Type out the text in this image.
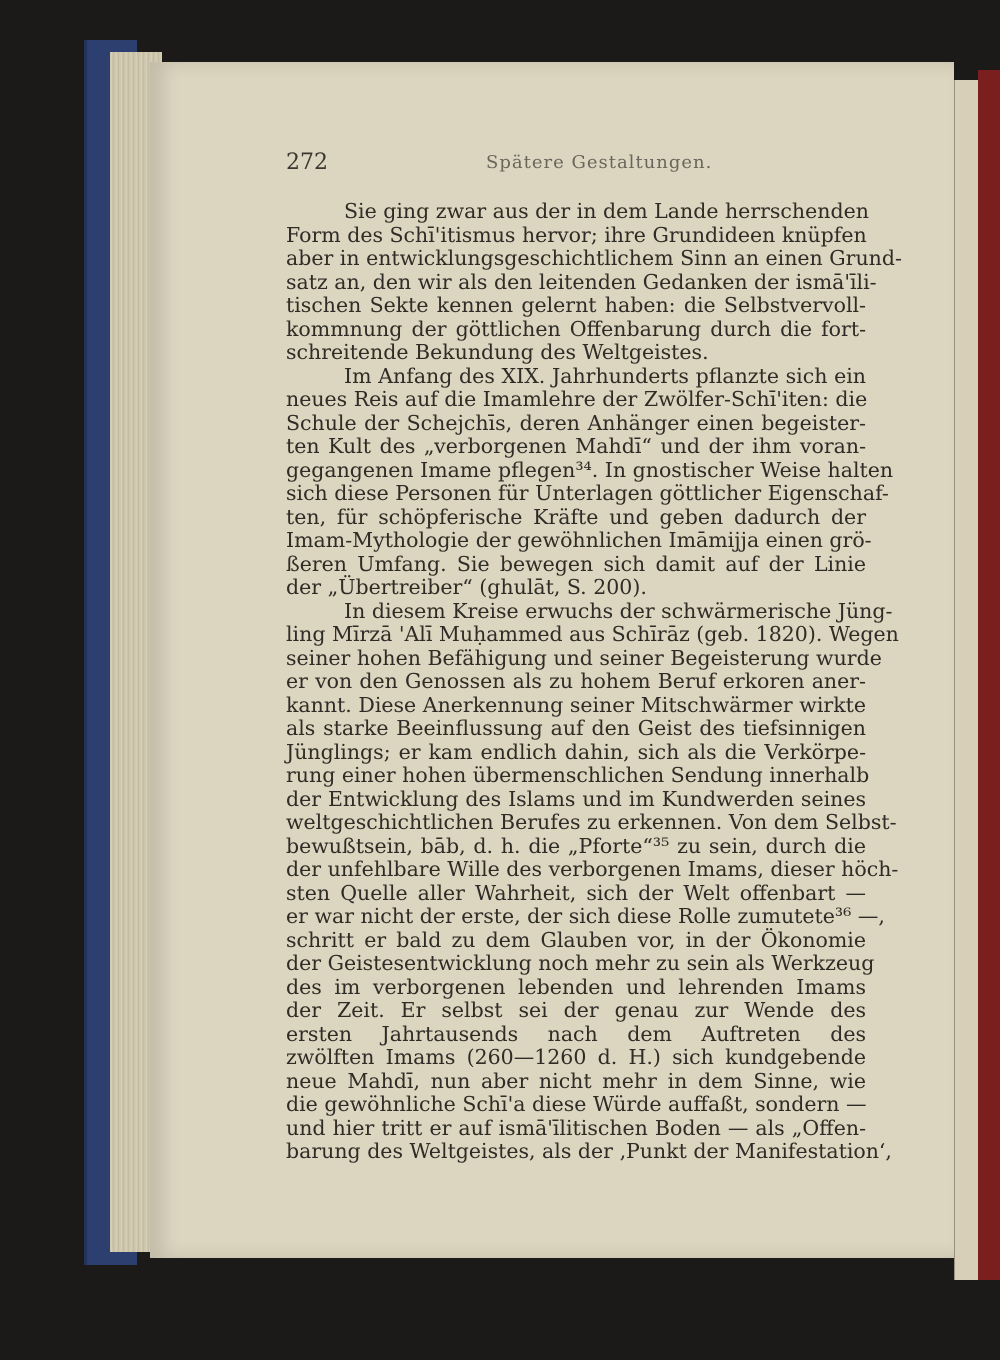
272	Spätere Gestaltungen.
Sie ging zwar aus der in dem Lande herrschenden
Form des Schī'itismus hervor; ihre Grundideen knüpfen
aber in entwicklungsgeschichtlichem Sinn an einen Grund-
satz an, den wir als den leitenden Gedanken der ismā'īli-
tischen Sekte kennen gelernt haben: die Selbstvervoll-
kommnung der göttlichen Offenbarung durch die fort-
schreitende Bekundung des Weltgeistes.
Im Anfang des XIX. Jahrhunderts pflanzte sich ein
neues Reis auf die Imamlehre der Zwölfer-Schī'iten: die
Schule der Schejchīs, deren Anhänger einen begeister-
ten Kult des „verborgenen Mahdī“ und der ihm voran-
gegangenen Imame pflegen³⁴. In gnostischer Weise halten
sich diese Personen für Unterlagen göttlicher Eigenschaf-
ten, für schöpferische Kräfte und geben dadurch der
Imam-Mythologie der gewöhnlichen Imāmijja einen grö-
ßeren Umfang. Sie bewegen sich damit auf der Linie
der „Übertreiber“ (ghulāt, S. 200).
In diesem Kreise erwuchs der schwärmerische Jüng-
ling Mīrzā 'Alī Muḥammed aus Schīrāz (geb. 1820). Wegen
seiner hohen Befähigung und seiner Begeisterung wurde
er von den Genossen als zu hohem Beruf erkoren aner-
kannt. Diese Anerkennung seiner Mitschwärmer wirkte
als starke Beeinflussung auf den Geist des tiefsinnigen
Jünglings; er kam endlich dahin, sich als die Verkörpe-
rung einer hohen übermenschlichen Sendung innerhalb
der Entwicklung des Islams und im Kundwerden seines
weltgeschichtlichen Berufes zu erkennen. Von dem Selbst-
bewußtsein, bāb, d. h. die „Pforte“³⁵ zu sein, durch die
der unfehlbare Wille des verborgenen Imams, dieser höch-
sten Quelle aller Wahrheit, sich der Welt offenbart —
er war nicht der erste, der sich diese Rolle zumutete³⁶ —,
schritt er bald zu dem Glauben vor, in der Ökonomie
der Geistesentwicklung noch mehr zu sein als Werkzeug
des im verborgenen lebenden und lehrenden Imams
der Zeit. Er selbst sei der genau zur Wende des
ersten Jahrtausends nach dem Auftreten des
zwölften Imams (260—1260 d. H.) sich kundgebende
neue Mahdī, nun aber nicht mehr in dem Sinne, wie
die gewöhnliche Schī'a diese Würde auffaßt, sondern —
und hier tritt er auf ismā'īlitischen Boden — als „Offen-
barung des Weltgeistes, als der ‚Punkt der Manifestation‘,
